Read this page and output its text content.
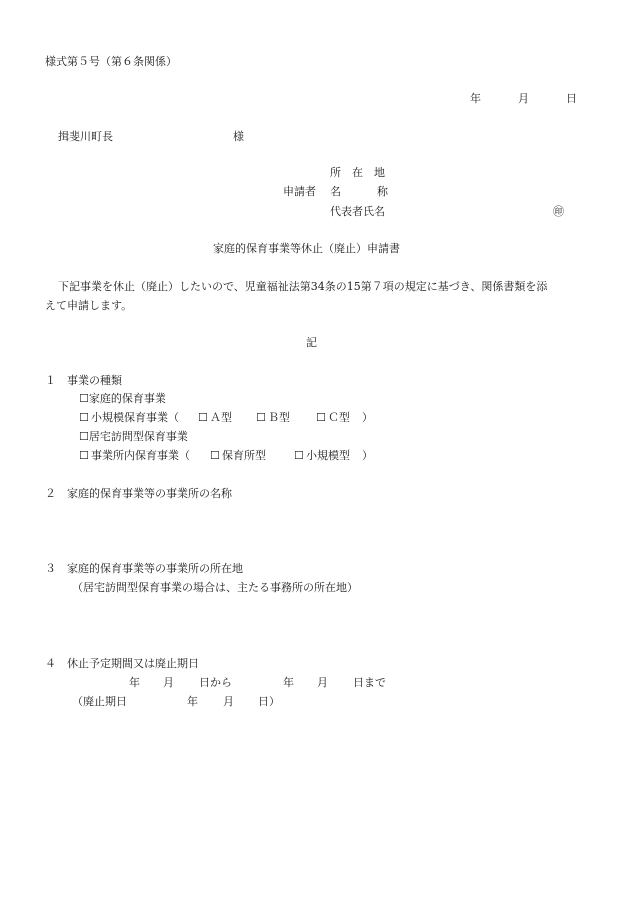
様式第５号（第６条関係）
年	月	日
揖斐川町長	様
所　在　地
申請者 名	称
代表者氏名	㊞
家庭的保育事業等休止（廃止）申請書
下記事業を休止（廃止）したいので、児童福祉法第34条の15第７項の規定に基づき、関係書類を添
えて申請します。
記
１　事業の種類
☐家庭的保育事業
☐ 小規模保育事業（ ☐ Ａ型 ☐ Ｂ型 ☐ Ｃ型 ）
☐居宅訪問型保育事業
☐ 事業所内保育事業（ ☐ 保育所型	☐ 小規模型 ）
２　家庭的保育事業等の事業所の名称
３　家庭的保育事業等の事業所の所在地
（居宅訪問型保育事業の場合は、主たる事務所の所在地）
４　休止予定期間又は廃止期日
年 月 日から	年 月 日まで
（廃止期日	年 月 日）
